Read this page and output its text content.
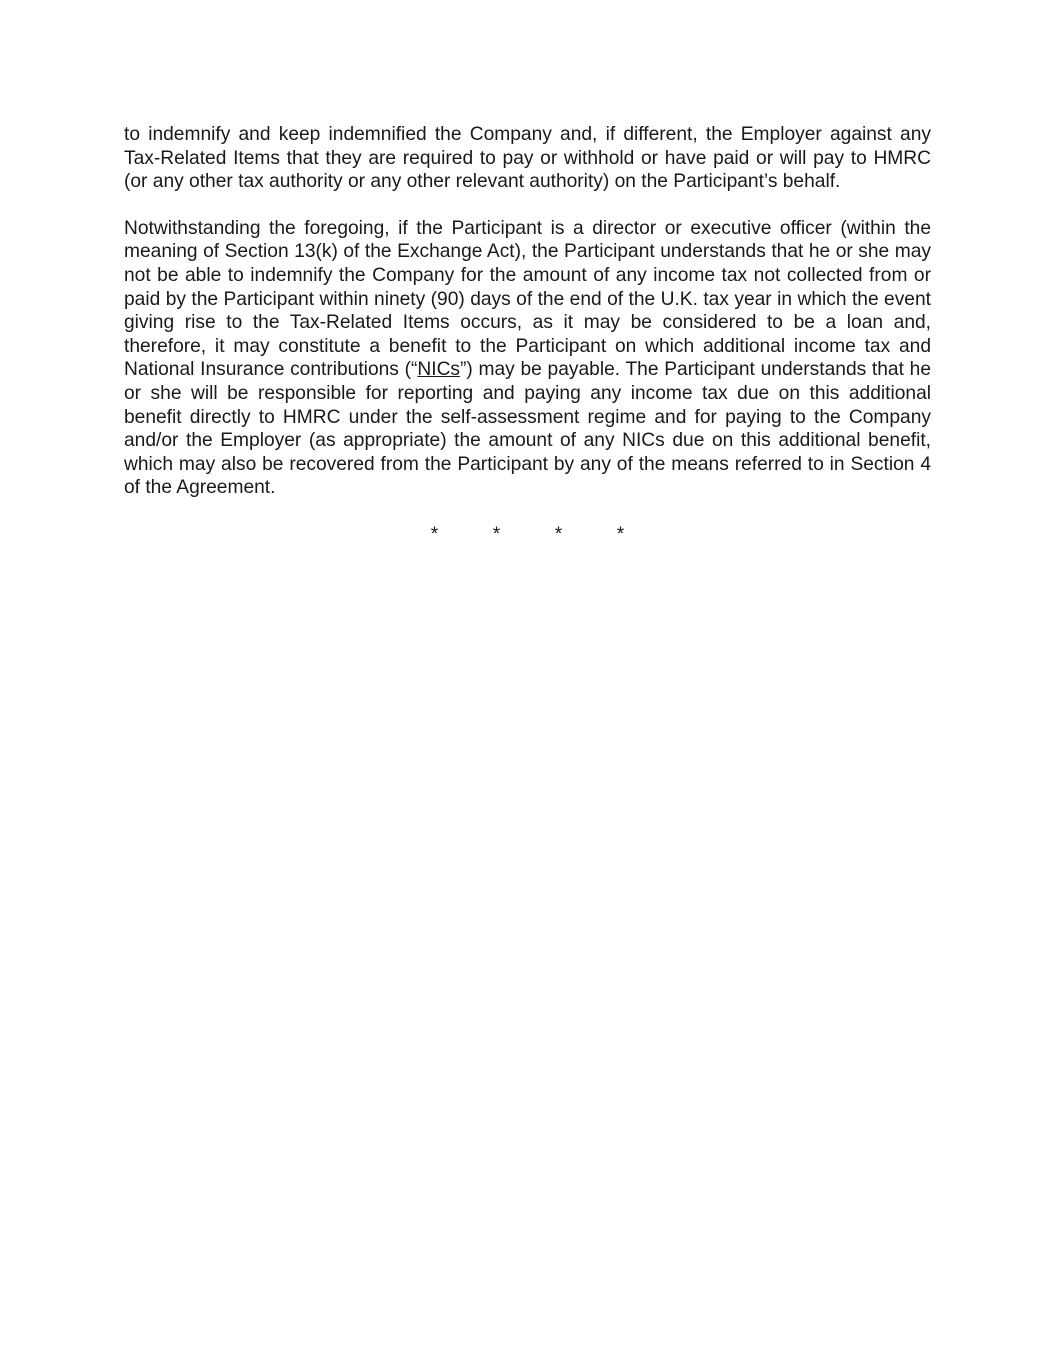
to indemnify and keep indemnified the Company and, if different, the Employer against any Tax-Related Items that they are required to pay or withhold or have paid or will pay to HMRC (or any other tax authority or any other relevant authority) on the Participant’s behalf.

Notwithstanding the foregoing, if the Participant is a director or executive officer (within the meaning of Section 13(k) of the Exchange Act), the Participant understands that he or she may not be able to indemnify the Company for the amount of any income tax not collected from or paid by the Participant within ninety (90) days of the end of the U.K. tax year in which the event giving rise to the Tax-Related Items occurs, as it may be considered to be a loan and, therefore, it may constitute a benefit to the Participant on which additional income tax and National Insurance contributions (“NICs”) may be payable. The Participant understands that he or she will be responsible for reporting and paying any income tax due on this additional benefit directly to HMRC under the self-assessment regime and for paying to the Company and/or the Employer (as appropriate) the amount of any NICs due on this additional benefit, which may also be recovered from the Participant by any of the means referred to in Section 4 of the Agreement.

*	*	*	*
